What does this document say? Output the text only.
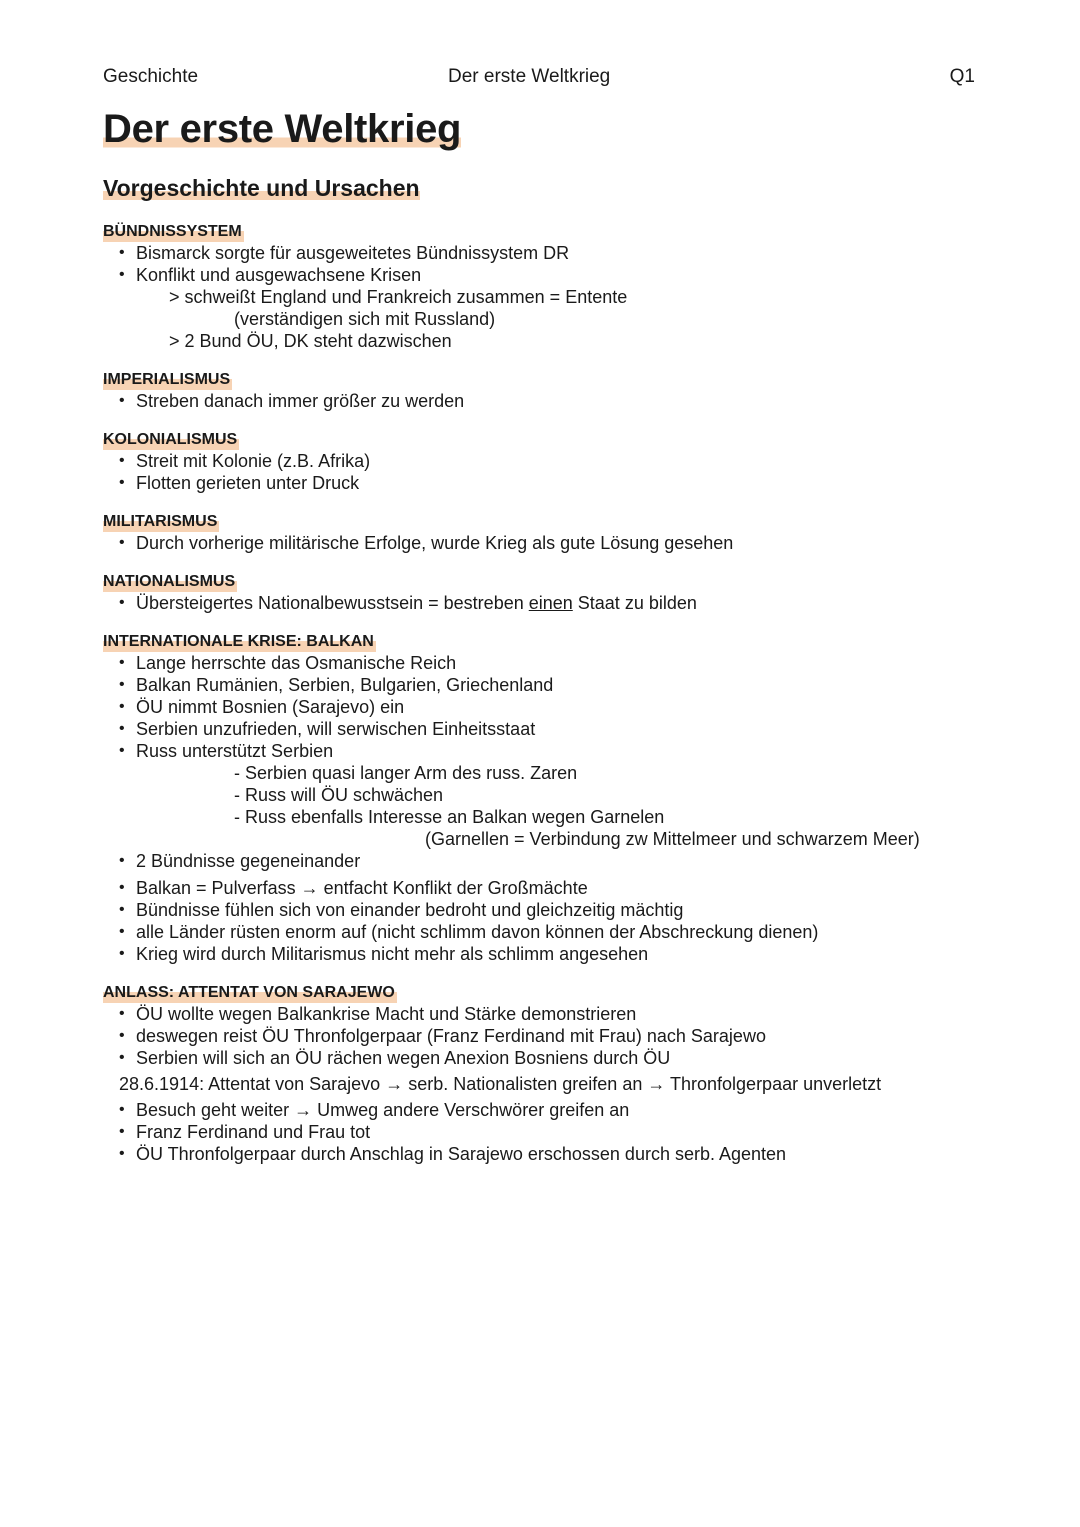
Geschichte	Der erste Weltkrieg	Q1
Der erste Weltkrieg
Vorgeschichte und Ursachen
BÜNDNISSYSTEM
• Bismarck sorgte für ausgeweitetes Bündnissystem DR
• Konflikt und ausgewachsene Krisen
> schweißt England und Frankreich zusammen = Entente
(verständigen sich mit Russland)
> 2 Bund ÖU, DK steht dazwischen
IMPERIALISMUS
• Streben danach immer größer zu werden
KOLONIALISMUS
• Streit mit Kolonie (z.B. Afrika)
• Flotten gerieten unter Druck
MILITARISMUS
• Durch vorherige militärische Erfolge, wurde Krieg als gute Lösung gesehen
NATIONALISMUS
• Übersteigertes Nationalbewusstsein = bestreben einen Staat zu bilden
INTERNATIONALE KRISE: BALKAN
• Lange herrschte das Osmanische Reich
• Balkan Rumänien, Serbien, Bulgarien, Griechenland
• ÖU nimmt Bosnien (Sarajevo) ein
• Serbien unzufrieden, will serwischen Einheitsstaat
• Russ unterstützt Serbien
- Serbien quasi langer Arm des russ. Zaren
- Russ will ÖU schwächen
- Russ ebenfalls Interesse an Balkan wegen Garnelen
(Garnellen = Verbindung zw Mittelmeer und schwarzem Meer)
• 2 Bündnisse gegeneinander
• Balkan = Pulverfass → entfacht Konflikt der Großmächte
• Bündnisse fühlen sich von einander bedroht und gleichzeitig mächtig
• alle Länder rüsten enorm auf (nicht schlimm davon können der Abschreckung dienen)
• Krieg wird durch Militarismus nicht mehr als schlimm angesehen
ANLASS: ATTENTAT VON SARAJEWO
• ÖU wollte wegen Balkankrise Macht und Stärke demonstrieren
• deswegen reist ÖU Thronfolgerpaar (Franz Ferdinand mit Frau) nach Sarajewo
• Serbien will sich an ÖU rächen wegen Anexion Bosniens durch ÖU
28.6.1914: Attentat von Sarajevo → serb. Nationalisten greifen an → Thronfolgerpaar unverletzt
• Besuch geht weiter → Umweg andere Verschwörer greifen an
• Franz Ferdinand und Frau tot
• ÖU Thronfolgerpaar durch Anschlag in Sarajewo erschossen durch serb. Agenten
